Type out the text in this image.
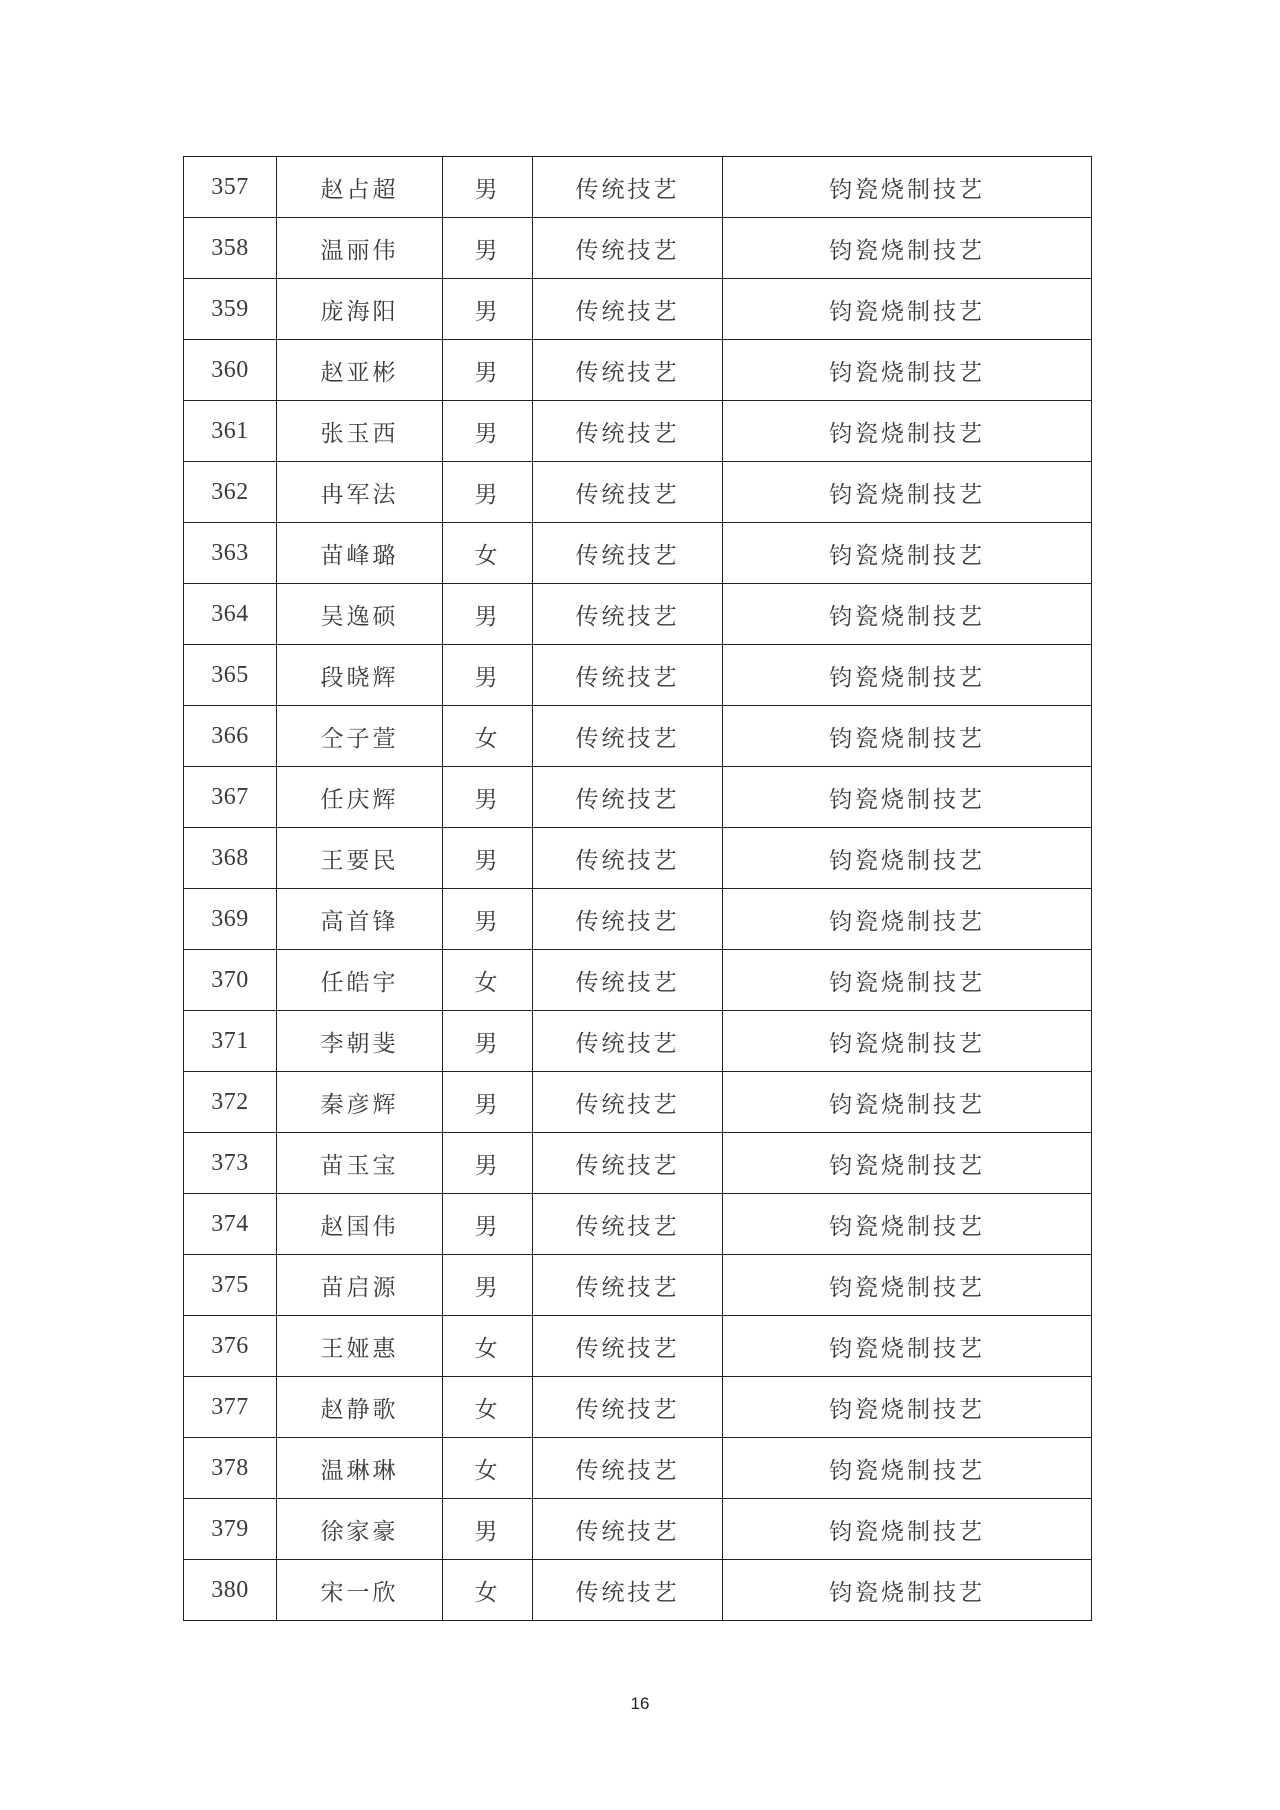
357	赵占超	男	传统技艺	钧瓷烧制技艺
358	温丽伟	男	传统技艺	钧瓷烧制技艺
359	庞海阳	男	传统技艺	钧瓷烧制技艺
360	赵亚彬	男	传统技艺	钧瓷烧制技艺
361	张玉西	男	传统技艺	钧瓷烧制技艺
362	冉军法	男	传统技艺	钧瓷烧制技艺
363	苗峰璐	女	传统技艺	钧瓷烧制技艺
364	吴逸硕	男	传统技艺	钧瓷烧制技艺
365	段晓辉	男	传统技艺	钧瓷烧制技艺
366	仝子萱	女	传统技艺	钧瓷烧制技艺
367	任庆辉	男	传统技艺	钧瓷烧制技艺
368	王要民	男	传统技艺	钧瓷烧制技艺
369	高首锋	男	传统技艺	钧瓷烧制技艺
370	任皓宇	女	传统技艺	钧瓷烧制技艺
371	李朝斐	男	传统技艺	钧瓷烧制技艺
372	秦彦辉	男	传统技艺	钧瓷烧制技艺
373	苗玉宝	男	传统技艺	钧瓷烧制技艺
374	赵国伟	男	传统技艺	钧瓷烧制技艺
375	苗启源	男	传统技艺	钧瓷烧制技艺
376	王娅惠	女	传统技艺	钧瓷烧制技艺
377	赵静歌	女	传统技艺	钧瓷烧制技艺
378	温琳琳	女	传统技艺	钧瓷烧制技艺
379	徐家豪	男	传统技艺	钧瓷烧制技艺
380	宋一欣	女	传统技艺	钧瓷烧制技艺
16
